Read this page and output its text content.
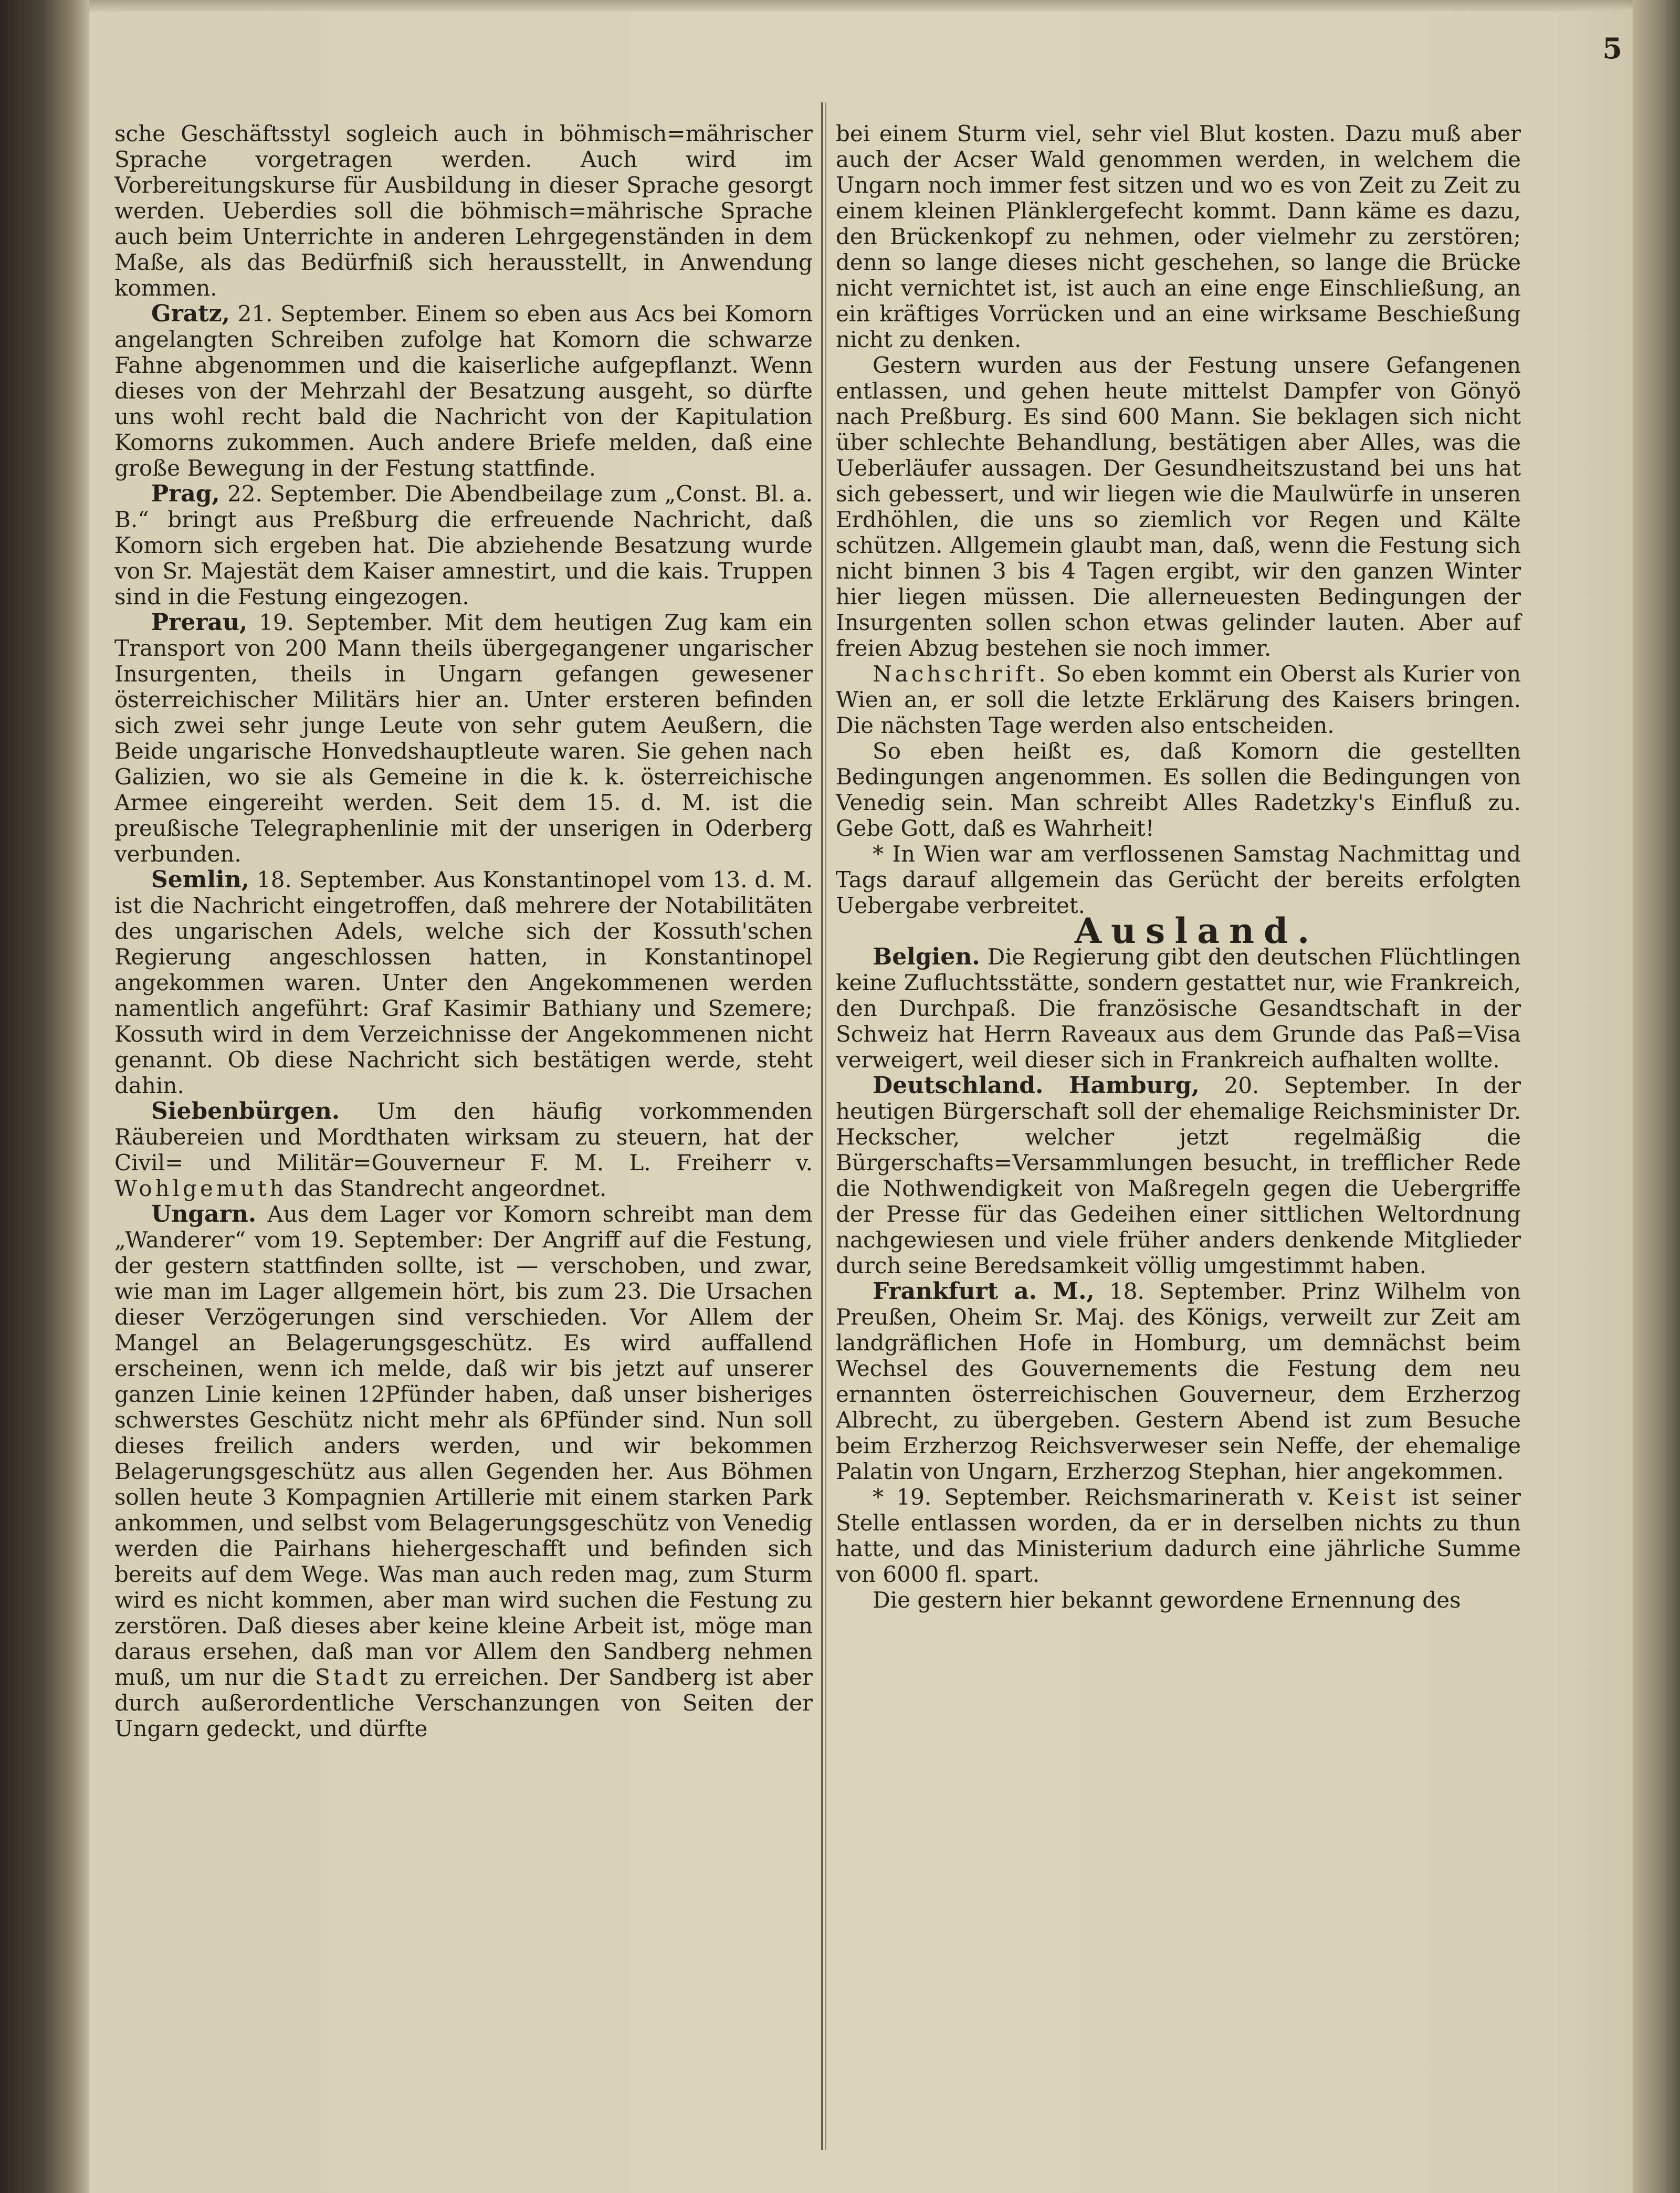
5

sche Geschäftsstyl sogleich auch in böhmisch=mährischer Sprache vorgetragen werden. Auch wird im Vorbereitungskurse für Ausbildung in dieser Sprache gesorgt werden. Ueberdies soll die böhmisch=mährische Sprache auch beim Unterrichte in anderen Lehrgegenständen in dem Maße, als das Bedürfniß sich herausstellt, in Anwendung kommen.

Gratz, 21. September. Einem so eben aus Acs bei Komorn angelangten Schreiben zufolge hat Komorn die schwarze Fahne abgenommen und die kaiserliche aufgepflanzt. Wenn dieses von der Mehrzahl der Besatzung ausgeht, so dürfte uns wohl recht bald die Nachricht von der Kapitulation Komorns zukommen. Auch andere Briefe melden, daß eine große Bewegung in der Festung stattfinde.

Prag, 22. September. Die Abendbeilage zum „Const. Bl. a. B.“ bringt aus Preßburg die erfreuende Nachricht, daß Komorn sich ergeben hat. Die abziehende Besatzung wurde von Sr. Majestät dem Kaiser amnestirt, und die kais. Truppen sind in die Festung eingezogen.

Prerau, 19. September. Mit dem heutigen Zug kam ein Transport von 200 Mann theils übergegangener ungarischer Insurgenten, theils in Ungarn gefangen gewesener österreichischer Militärs hier an. Unter ersteren befinden sich zwei sehr junge Leute von sehr gutem Aeußern, die Beide ungarische Honvedshauptleute waren. Sie gehen nach Galizien, wo sie als Gemeine in die k. k. österreichische Armee eingereiht werden. Seit dem 15. d. M. ist die preußische Telegraphenlinie mit der unserigen in Oderberg verbunden.

Semlin, 18. September. Aus Konstantinopel vom 13. d. M. ist die Nachricht eingetroffen, daß mehrere der Notabilitäten des ungarischen Adels, welche sich der Kossuth'schen Regierung angeschlossen hatten, in Konstantinopel angekommen waren. Unter den Angekommenen werden namentlich angeführt: Graf Kasimir Bathiany und Szemere; Kossuth wird in dem Verzeichnisse der Angekommenen nicht genannt. Ob diese Nachricht sich bestätigen werde, steht dahin.

Siebenbürgen. Um den häufig vorkommenden Räubereien und Mordthaten wirksam zu steuern, hat der Civil= und Militär=Gouverneur F. M. L. Freiherr v. Wohlgemuth das Standrecht angeordnet.

Ungarn. Aus dem Lager vor Komorn schreibt man dem „Wanderer“ vom 19. September: Der Angriff auf die Festung, der gestern stattfinden sollte, ist — verschoben, und zwar, wie man im Lager allgemein hört, bis zum 23. Die Ursachen dieser Verzögerungen sind verschieden. Vor Allem der Mangel an Belagerungsgeschütz. Es wird auffallend erscheinen, wenn ich melde, daß wir bis jetzt auf unserer ganzen Linie keinen 12Pfünder haben, daß unser bisheriges schwerstes Geschütz nicht mehr als 6Pfünder sind. Nun soll dieses freilich anders werden, und wir bekommen Belagerungsgeschütz aus allen Gegenden her. Aus Böhmen sollen heute 3 Kompagnien Artillerie mit einem starken Park ankommen, und selbst vom Belagerungsgeschütz von Venedig werden die Pairhans hiehergeschafft und befinden sich bereits auf dem Wege. Was man auch reden mag, zum Sturm wird es nicht kommen, aber man wird suchen die Festung zu zerstören. Daß dieses aber keine kleine Arbeit ist, möge man daraus ersehen, daß man vor Allem den Sandberg nehmen muß, um nur die Stadt zu erreichen. Der Sandberg ist aber durch außerordentliche Verschanzungen von Seiten der Ungarn gedeckt, und dürfte

bei einem Sturm viel, sehr viel Blut kosten. Dazu muß aber auch der Acser Wald genommen werden, in welchem die Ungarn noch immer fest sitzen und wo es von Zeit zu Zeit zu einem kleinen Plänklergefecht kommt. Dann käme es dazu, den Brückenkopf zu nehmen, oder vielmehr zu zerstören; denn so lange dieses nicht geschehen, so lange die Brücke nicht vernichtet ist, ist auch an eine enge Einschließung, an ein kräftiges Vorrücken und an eine wirksame Beschießung nicht zu denken.

Gestern wurden aus der Festung unsere Gefangenen entlassen, und gehen heute mittelst Dampfer von Gönyö nach Preßburg. Es sind 600 Mann. Sie beklagen sich nicht über schlechte Behandlung, bestätigen aber Alles, was die Ueberläufer aussagen. Der Gesundheitszustand bei uns hat sich gebessert, und wir liegen wie die Maulwürfe in unseren Erdhöhlen, die uns so ziemlich vor Regen und Kälte schützen. Allgemein glaubt man, daß, wenn die Festung sich nicht binnen 3 bis 4 Tagen ergibt, wir den ganzen Winter hier liegen müssen. Die allerneuesten Bedingungen der Insurgenten sollen schon etwas gelinder lauten. Aber auf freien Abzug bestehen sie noch immer.

Nachschrift. So eben kommt ein Oberst als Kurier von Wien an, er soll die letzte Erklärung des Kaisers bringen. Die nächsten Tage werden also entscheiden.

So eben heißt es, daß Komorn die gestellten Bedingungen angenommen. Es sollen die Bedingungen von Venedig sein. Man schreibt Alles Radetzky's Einfluß zu. Gebe Gott, daß es Wahrheit!

* In Wien war am verflossenen Samstag Nachmittag und Tags darauf allgemein das Gerücht der bereits erfolgten Uebergabe verbreitet.

Ausland.

Belgien. Die Regierung gibt den deutschen Flüchtlingen keine Zufluchtsstätte, sondern gestattet nur, wie Frankreich, den Durchpaß. Die französische Gesandtschaft in der Schweiz hat Herrn Raveaux aus dem Grunde das Paß=Visa verweigert, weil dieser sich in Frankreich aufhalten wollte.

Deutschland. Hamburg, 20. September. In der heutigen Bürgerschaft soll der ehemalige Reichsminister Dr. Heckscher, welcher jetzt regelmäßig die Bürgerschafts=Versammlungen besucht, in trefflicher Rede die Nothwendigkeit von Maßregeln gegen die Uebergriffe der Presse für das Gedeihen einer sittlichen Weltordnung nachgewiesen und viele früher anders denkende Mitglieder durch seine Beredsamkeit völlig umgestimmt haben.

Frankfurt a. M., 18. September. Prinz Wilhelm von Preußen, Oheim Sr. Maj. des Königs, verweilt zur Zeit am landgräflichen Hofe in Homburg, um demnächst beim Wechsel des Gouvernements die Festung dem neu ernannten österreichischen Gouverneur, dem Erzherzog Albrecht, zu übergeben. Gestern Abend ist zum Besuche beim Erzherzog Reichsverweser sein Neffe, der ehemalige Palatin von Ungarn, Erzherzog Stephan, hier angekommen.

* 19. September. Reichsmarinerath v. Keist ist seiner Stelle entlassen worden, da er in derselben nichts zu thun hatte, und das Ministerium dadurch eine jährliche Summe von 6000 fl. spart.

Die gestern hier bekannt gewordene Ernennung des
